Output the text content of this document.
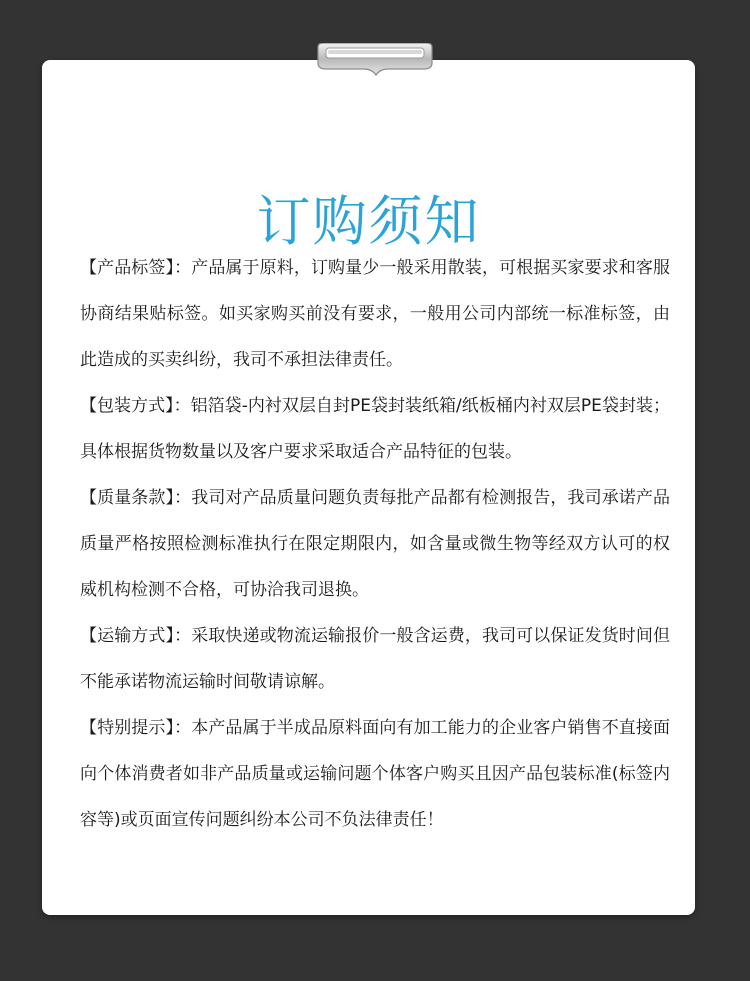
订购须知

【产品标签】：产品属于原料，订购量少一般采用散装，可根据买家要求和客服协商结果贴标签。如买家购买前没有要求，一般用公司内部统一标准标签，由此造成的买卖纠纷，我司不承担法律责任。

【包装方式】：铝箔袋-内衬双层自封PE袋封装纸箱/纸板桶内衬双层PE袋封装；具体根据货物数量以及客户要求采取适合产品特征的包装。

【质量条款】：我司对产品质量问题负责每批产品都有检测报告，我司承诺产品质量严格按照检测标准执行在限定期限内，如含量或微生物等经双方认可的权威机构检测不合格，可协洽我司退换。

【运输方式】：采取快递或物流运输报价一般含运费，我司可以保证发货时间但不能承诺物流运输时间敬请谅解。

【特别提示】：本产品属于半成品原料面向有加工能力的企业客户销售不直接面向个体消费者如非产品质量或运输问题个体客户购买且因产品包装标准(标签内容等)或页面宣传问题纠纷本公司不负法律责任！
